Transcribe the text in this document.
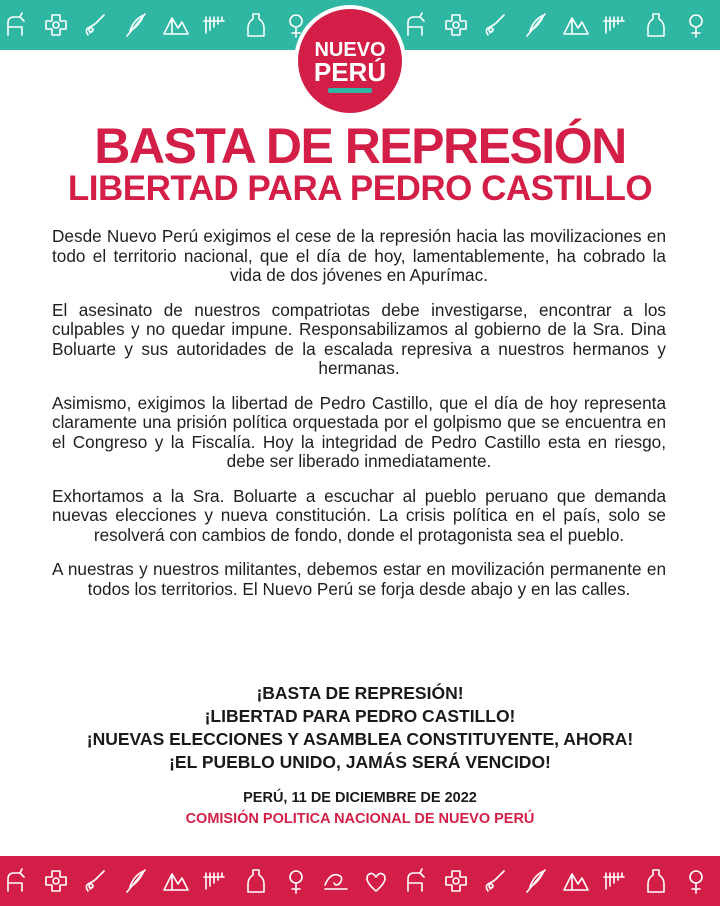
NUEVO
PERÚ
BASTA DE REPRESIÓN
LIBERTAD PARA PEDRO CASTILLO

Desde Nuevo Perú exigimos el cese de la represión hacia las movilizaciones en todo el territorio nacional, que el día de hoy, lamentablemente, ha cobrado la vida de dos jóvenes en Apurímac.

El asesinato de nuestros compatriotas debe investigarse, encontrar a los culpables y no quedar impune. Responsabilizamos al gobierno de la Sra. Dina Boluarte y sus autoridades de la escalada represiva a nuestros hermanos y hermanas.

Asimismo, exigimos la libertad de Pedro Castillo, que el día de hoy representa claramente una prisión política orquestada por el golpismo que se encuentra en el Congreso y la Fiscalía. Hoy la integridad de Pedro Castillo esta en riesgo, debe ser liberado inmediatamente.

Exhortamos a la Sra. Boluarte a escuchar al pueblo peruano que demanda nuevas elecciones y nueva constitución. La crisis política en el país, solo se resolverá con cambios de fondo, donde el protagonista sea el pueblo.

A nuestras y nuestros militantes, debemos estar en movilización permanente en todos los territorios. El Nuevo Perú se forja desde abajo y en las calles.

¡BASTA DE REPRESIÓN!
¡LIBERTAD PARA PEDRO CASTILLO!
¡NUEVAS ELECCIONES Y ASAMBLEA CONSTITUYENTE, AHORA!
¡EL PUEBLO UNIDO, JAMÁS SERÁ VENCIDO!
PERÚ, 11 DE DICIEMBRE DE 2022
COMISIÓN POLITICA NACIONAL DE NUEVO PERÚ
